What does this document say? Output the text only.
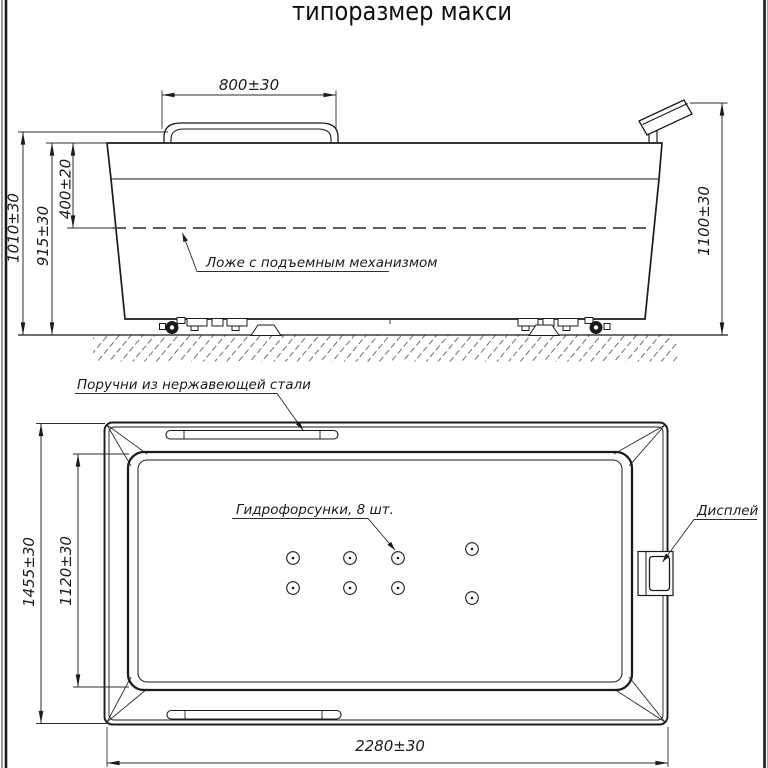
типоразмер макси
800±30
1010±30 915±30
400±20	1100±30
Ложе с подъемным механизмом
Поручни из нержавеющей стали
Гидрофорсунки, 8 шт.	Дисплей
1455±30 1120±30
2280±30
